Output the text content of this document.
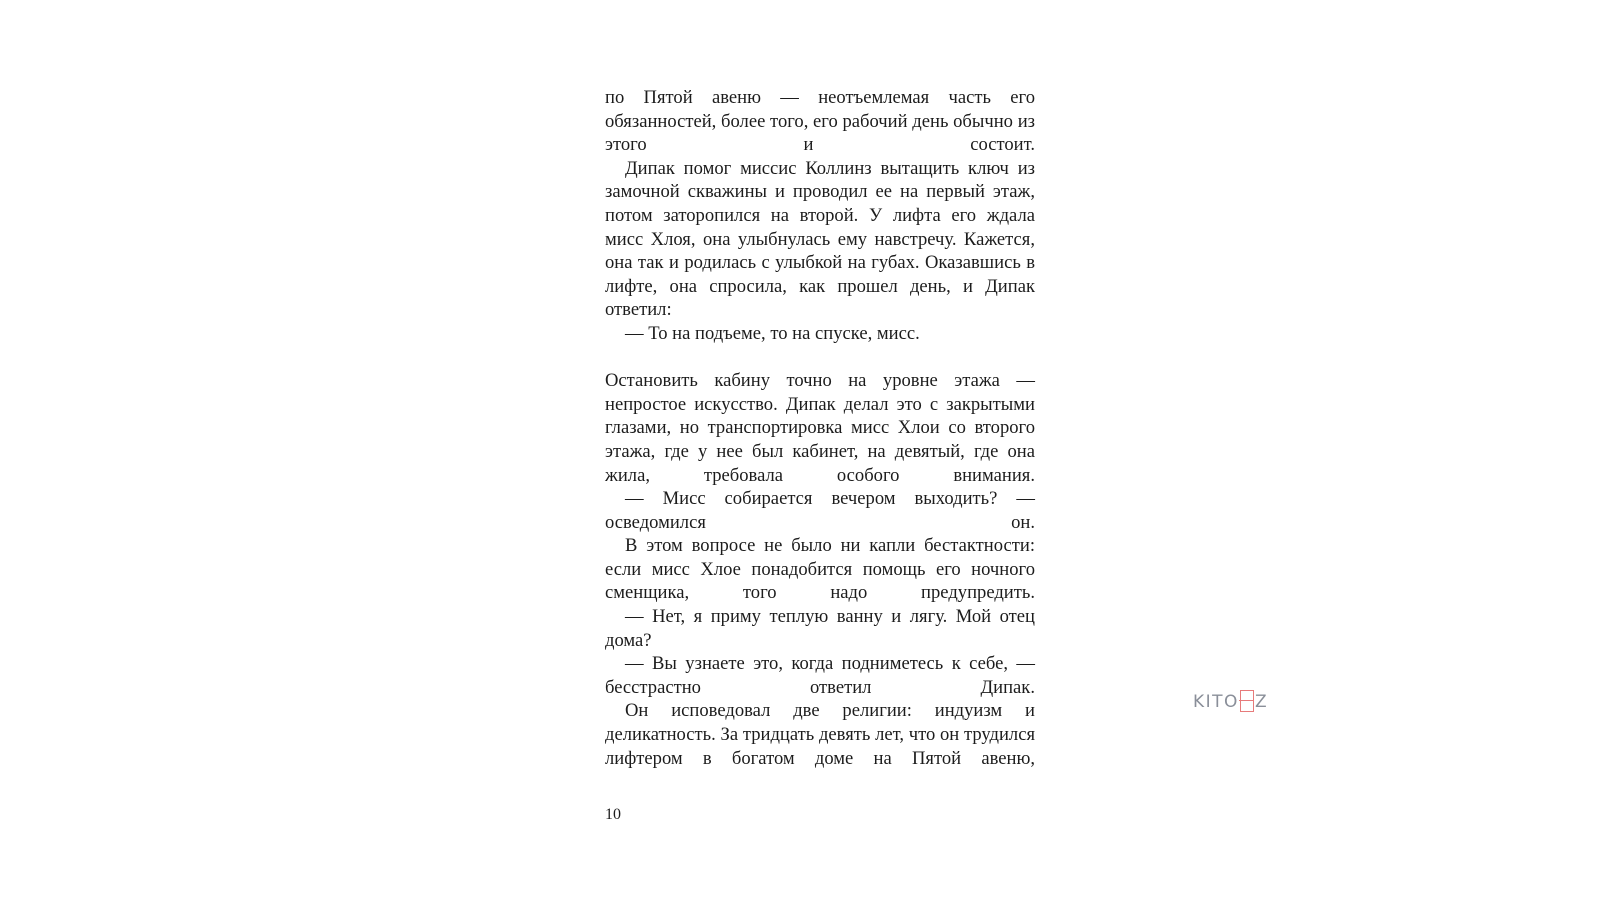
по Пятой авеню — неотъемлемая часть его обязанностей, более того, его рабочий день обычно из этого и состоит.

Дипак помог миссис Коллинз вытащить ключ из замочной скважины и проводил ее на первый этаж, потом заторопился на второй. У лифта его ждала мисс Хлоя, она улыбнулась ему навстречу. Кажется, она так и родилась с улыбкой на губах. Оказавшись в лифте, она спросила, как прошел день, и Дипак ответил:

— То на подъеме, то на спуске, мисс.

Остановить кабину точно на уровне этажа — непростое искусство. Дипак делал это с закрытыми глазами, но транспортировка мисс Хлои со второго этажа, где у нее был кабинет, на девятый, где она жила, требовала особого внимания.

— Мисс собирается вечером выходить? — осведомился он.

В этом вопросе не было ни капли бестактности: если мисс Хлое понадобится помощь его ночного сменщика, того надо предупредить.

— Нет, я приму теплую ванну и лягу. Мой отец дома?

— Вы узнаете это, когда подниметесь к себе, — бесстрастно ответил Дипак.

Он исповедовал две религии: индуизм и деликатность. За тридцать девять лет, что он трудился лифтером в богатом доме на Пятой авеню,

10
KITO Z
